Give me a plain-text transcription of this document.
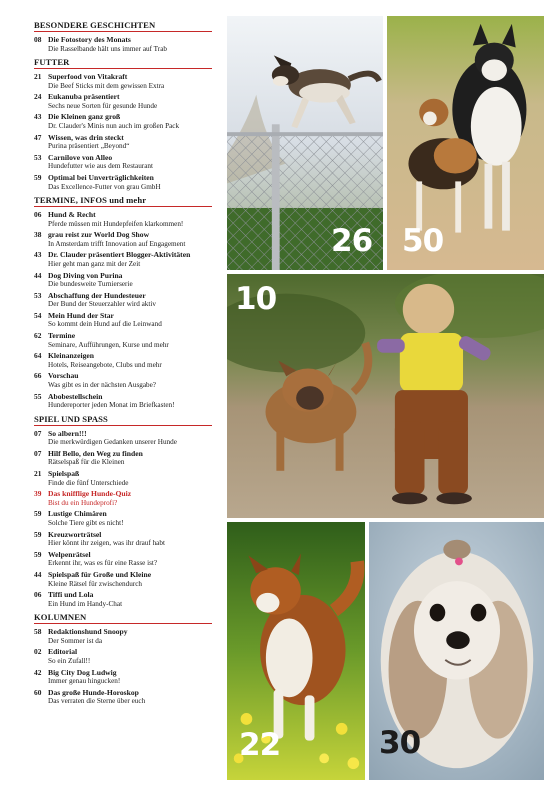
BESONDERE GESCHICHTEN
08 Die Fotostory des Monats
Die Rasselbande hält uns immer auf Trab
FUTTER
21 Superfood von Vitakraft
Die Beef Sticks mit dem gewissen Extra
24 Eukanuba präsentiert
Sechs neue Sorten für gesunde Hunde
43 Die Kleinen ganz groß
Dr. Clauder's Minis nun auch im großen Pack
47 Wissen, was drin steckt
Purina präsentiert „Beyond“
53 Carnilove von Alleo
Hundefutter wie aus dem Restaurant
59 Optimal bei Unverträglichkeiten
Das Excellence-Futter von grau GmbH
TERMINE, INFOS und mehr
06 Hund & Recht
Pferde müssen mit Hundepfeifen klarkommen!
38 grau reist zur World Dog Show
In Amsterdam trifft Innovation auf Engagement
43 Dr. Clauder präsentiert Blogger-Aktivitäten
Hier geht man ganz mit der Zeit
44 Dog Diving von Purina
Die bundesweite Turnierserie
53 Abschaffung der Hundesteuer
Der Bund der Steuerzahler wird aktiv
54 Mein Hund der Star
So kommt dein Hund auf die Leinwand
62 Termine
Seminare, Aufführungen, Kurse und mehr
64 Kleinanzeigen
Hotels, Reiseangebote, Clubs und mehr
66 Vorschau
Was gibt es in der nächsten Ausgabe?
55 Abobestellschein
Hundereporter jeden Monat im Briefkasten!
SPIEL UND SPASS
07 So albern!!!
Die merkwürdigen Gedanken unserer Hunde
07 Hilf Bello, den Weg zu finden
Rätselspaß für die Kleinen
21 Spielspaß
Finde die fünf Unterschiede
39 Das knifflige Hunde-Quiz
Bist du ein Hundeprofi?
59 Lustige Chimären
Solche Tiere gibt es nicht!
59 Kreuzworträtsel
Hier könnt ihr zeigen, was ihr drauf habt
59 Welpenrätsel
Erkennt ihr, was es für eine Rasse ist?
44 Spielspaß für Große und Kleine
Kleine Rätsel für zwischendurch
06 Tiffi und Lola
Ein Hund im Handy-Chat
KOLUMNEN
58 Redaktionshund Snoopy
Der Sommer ist da
02 Editorial
So ein Zufall!!
42 Big City Dog Ludwig
Immer genau hingucken!
60 Das große Hunde-Horoskop
Das verraten die Sterne über euch
26 50
10
22	30
